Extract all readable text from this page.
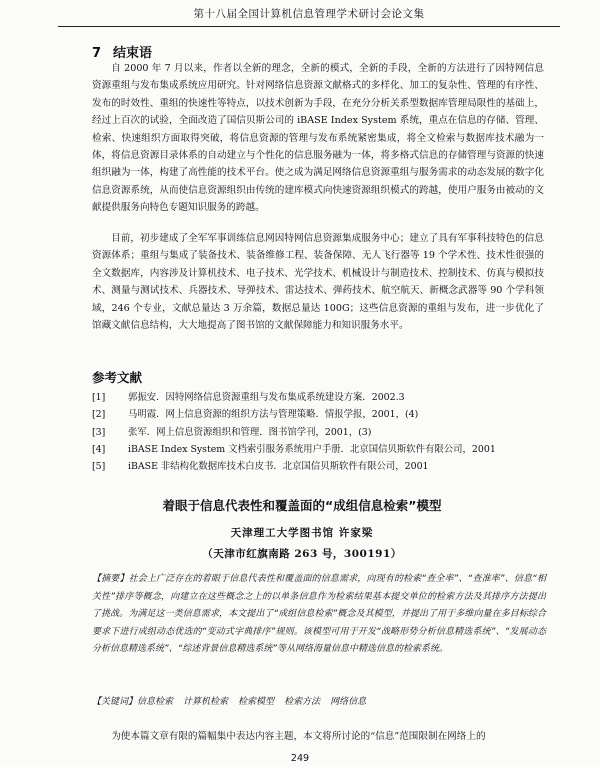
第十八届全国计算机信息管理学术研讨会论文集
7 结束语

自 2000 年 7 月以来，作者以全新的理念，全新的模式，全新的手段，全新的方法进行了因特网信息资源重组与发布集成系统应用研究。针对网络信息资源文献格式的多样化、加工的复杂性、管理的有序性、发布的时效性、重组的快速性等特点，以技术创新为手段，在充分分析关系型数据库管理局限性的基础上，经过上百次的试验，全面改造了国信贝斯公司的 iBASE Index System 系统，重点在信息的存储、管理、检索、快速组织方面取得突破，将信息资源的管理与发布系统紧密集成，将全文检索与数据库技术融为一体，将信息资源目录体系的自动建立与个性化的信息服务融为一体，将多格式信息的存储管理与资源的快速组织融为一体，构建了高性能的技术平台。使之成为满足网络信息资源重组与服务需求的动态发展的数字化信息资源系统，从而使信息资源组织由传统的建库模式向快速资源组织模式的跨越，使用户服务由被动的文献提供服务向特色专题知识服务的跨越。

目前，初步建成了全军军事训练信息网因特网信息资源集成服务中心；建立了具有军事科技特色的信息资源体系；重组与集成了装备技术、装备维修工程、装备保障、无人飞行器等 19 个学术性、技术性很强的全文数据库，内容涉及计算机技术、电子技术、光学技术、机械设计与制造技术、控制技术、仿真与模拟技术、测量与测试技术、兵器技术、导弹技术、雷达技术、弹药技术、航空航天、新概念武器等 90 个学科领域，246 个专业，文献总量达 3 万余篇，数据总量达 100G；这些信息资源的重组与发布，进一步优化了馆藏文献信息结构，大大地提高了图书馆的文献保障能力和知识服务水平。

参考文献
[1]	郭振安．因特网络信息资源重组与发布集成系统建设方案．2002.3
[2]	马明霞．网上信息资源的组织方法与管理策略．情报学报，2001，(4)
[3]	张军．网上信息资源组织和管理．图书馆学刊，2001，(3)
[4]	iBASE Index System 文档索引服务系统用户手册．北京国信贝斯软件有限公司，2001
[5]	iBASE 非结构化数据库技术白皮书．北京国信贝斯软件有限公司，2001
着眼于信息代表性和覆盖面的“成组信息检索”模型
天津理工大学图书馆 许家梁
（天津市红旗南路 263 号，300191）

【摘要】社会上广泛存在的着眼于信息代表性和覆盖面的信息需求，向现有的检索“查全率”、“查准率”、信息“相关性”排序等概念，向建立在这些概念之上的以单条信息作为检索结果基本提交单位的检索方法及其排序方法提出了挑战。为满足这一类信息需求，本文提出了“成组信息检索”概念及其模型，并提出了用于多维向量在多目标综合要求下进行成组动态优选的“变动式字典排序”规则。该模型可用于开发“战略形势分析信息精选系统”、“发展动态分析信息精选系统”、“综述背景信息精选系统”等从网络海量信息中精选信息的检索系统。

【关键词】信息检索 计算机检索 检索模型 检索方法 网络信息

为使本篇文章有限的篇幅集中表达内容主题，本文将所讨论的“信息”范围限制在网络上的

249
